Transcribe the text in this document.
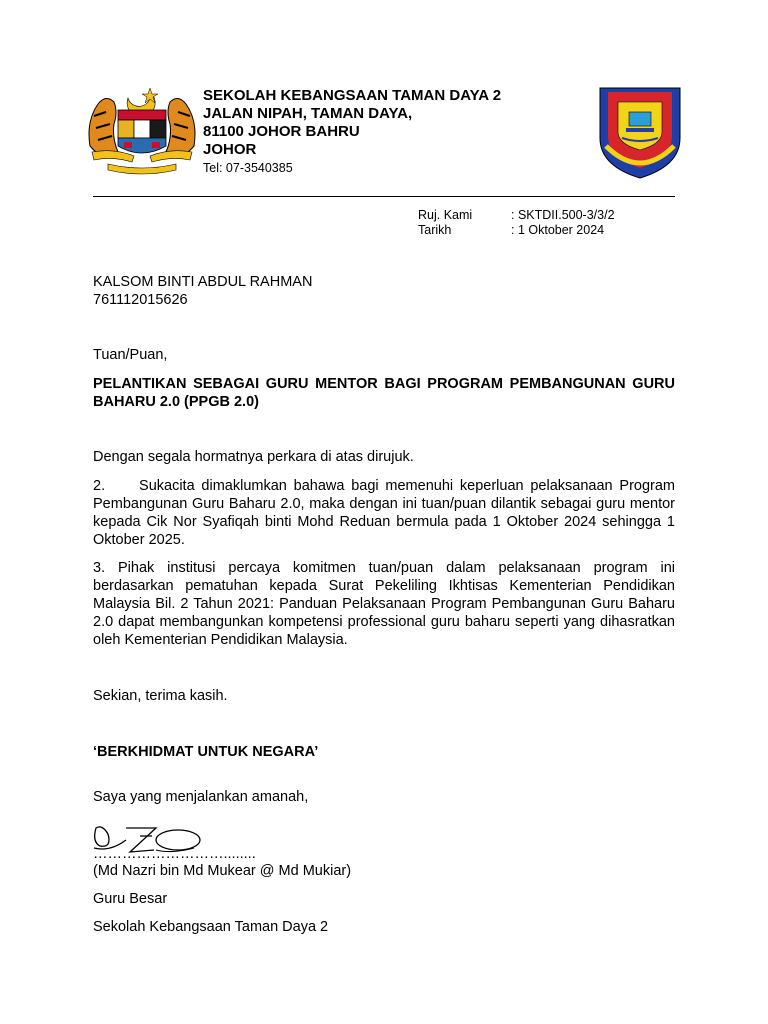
SEKOLAH KEBANGSAAN TAMAN DAYA 2
JALAN NIPAH, TAMAN DAYA,
81100 JOHOR BAHRU
JOHOR
Tel: 07-3540385
Ruj. Kami	: SKTDII.500-3/3/2
Tarikh	: 1 Oktober 2024
KALSOM BINTI ABDUL RAHMAN
761112015626
Tuan/Puan,
PELANTIKAN SEBAGAI GURU MENTOR BAGI PROGRAM PEMBANGUNAN GURU BAHARU 2.0 (PPGB 2.0)
Dengan segala hormatnya perkara di atas dirujuk.
2.     Sukacita dimaklumkan bahawa bagi memenuhi keperluan pelaksanaan Program Pembangunan Guru Baharu 2.0, maka dengan ini tuan/puan dilantik sebagai guru mentor kepada Cik Nor Syafiqah binti Mohd Reduan bermula pada 1 Oktober 2024 sehingga 1 Oktober 2025.
3. Pihak institusi percaya komitmen tuan/puan dalam pelaksanaan program ini berdasarkan pematuhan kepada Surat Pekeliling Ikhtisas Kementerian Pendidikan Malaysia Bil. 2 Tahun 2021: Panduan Pelaksanaan Program Pembangunan Guru Baharu 2.0 dapat membangunkan kompetensi professional guru baharu seperti yang dihasratkan oleh Kementerian Pendidikan Malaysia.
Sekian, terima kasih.
‘BERKHIDMAT UNTUK NEGARA’
Saya yang menjalankan amanah,
………………………........
(Md Nazri bin Md Mukear @ Md Mukiar)
Guru Besar
Sekolah Kebangsaan Taman Daya 2
